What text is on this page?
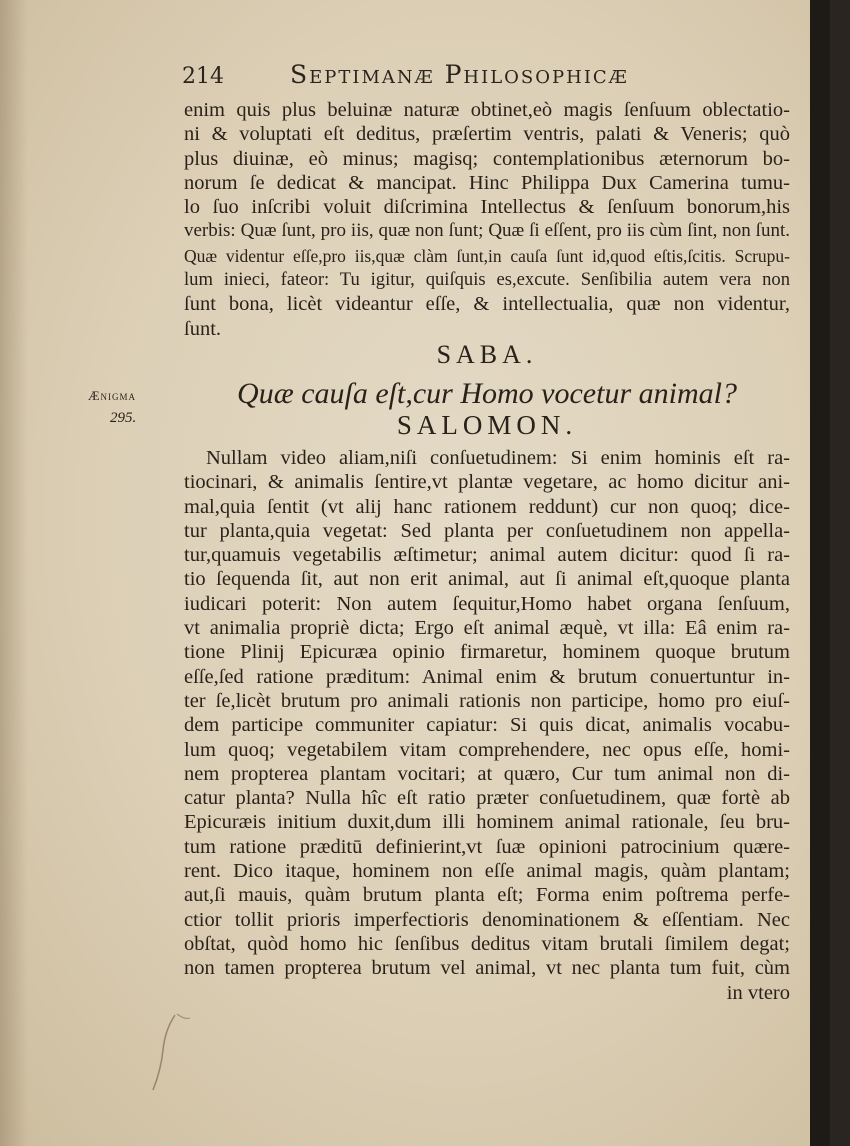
214	Septimanæ Philosophicæ
enim quis plus beluinæ naturæ obtinet,eò magis ſenſuum oblectatio-
ni & voluptati eſt deditus, præſertim ventris, palati & Veneris; quò
plus diuinæ, eò minus; magisq; contemplationibus æternorum bo-
norum ſe dedicat & mancipat. Hinc Philippa Dux Camerina tumu-
lo ſuo inſcribi voluit diſcrimina Intellectus & ſenſuum bonorum,his
verbis: Quæ ſunt, pro iis, quæ non ſunt; Quæ ſi eſſent, pro iis cùm ſint, non ſunt.
Quæ videntur eſſe,pro iis,quæ clàm ſunt,in cauſa ſunt id,quod eſtis,ſcitis. Scrupu-
lum inieci, fateor: Tu igitur, quiſquis es,excute. Senſibilia autem vera non
ſunt bona, licèt videantur eſſe, & intellectualia, quæ non videntur,
ſunt.
SABA.
Quæ cauſa eſt,cur Homo vocetur animal?
SALOMON.
Ænigma
295.
Nullam video aliam,niſi conſuetudinem: Si enim hominis eſt ra-
tiocinari, & animalis ſentire,vt plantæ vegetare, ac homo dicitur ani-
mal,quia ſentit (vt alij hanc rationem reddunt) cur non quoq; dice-
tur planta,quia vegetat: Sed planta per conſuetudinem non appella-
tur,quamuis vegetabilis æſtimetur; animal autem dicitur: quod ſi ra-
tio ſequenda ſit, aut non erit animal, aut ſi animal eſt,quoque planta
iudicari poterit: Non autem ſequitur,Homo habet organa ſenſuum,
vt animalia propriè dicta; Ergo eſt animal æquè, vt illa: Eâ enim ra-
tione Plinij Epicuræa opinio firmaretur, hominem quoque brutum
eſſe,ſed ratione præditum: Animal enim & brutum conuertuntur in-
ter ſe,licèt brutum pro animali rationis non participe, homo pro eiuſ-
dem participe communiter capiatur: Si quis dicat, animalis vocabu-
lum quoq; vegetabilem vitam comprehendere, nec opus eſſe, homi-
nem propterea plantam vocitari; at quæro, Cur tum animal non di-
catur planta? Nulla hîc eſt ratio præter conſuetudinem, quæ fortè ab
Epicuræis initium duxit,dum illi hominem animal rationale, ſeu bru-
tum ratione præditū definierint,vt ſuæ opinioni patrocinium quære-
rent. Dico itaque, hominem non eſſe animal magis, quàm plantam;
aut,ſi mauis, quàm brutum planta eſt; Forma enim poſtrema perfe-
ctior tollit prioris imperfectioris denominationem & eſſentiam. Nec
obſtat, quòd homo hic ſenſibus deditus vitam brutali ſimilem degat;
non tamen propterea brutum vel animal, vt nec planta tum fuit, cùm
in vtero
